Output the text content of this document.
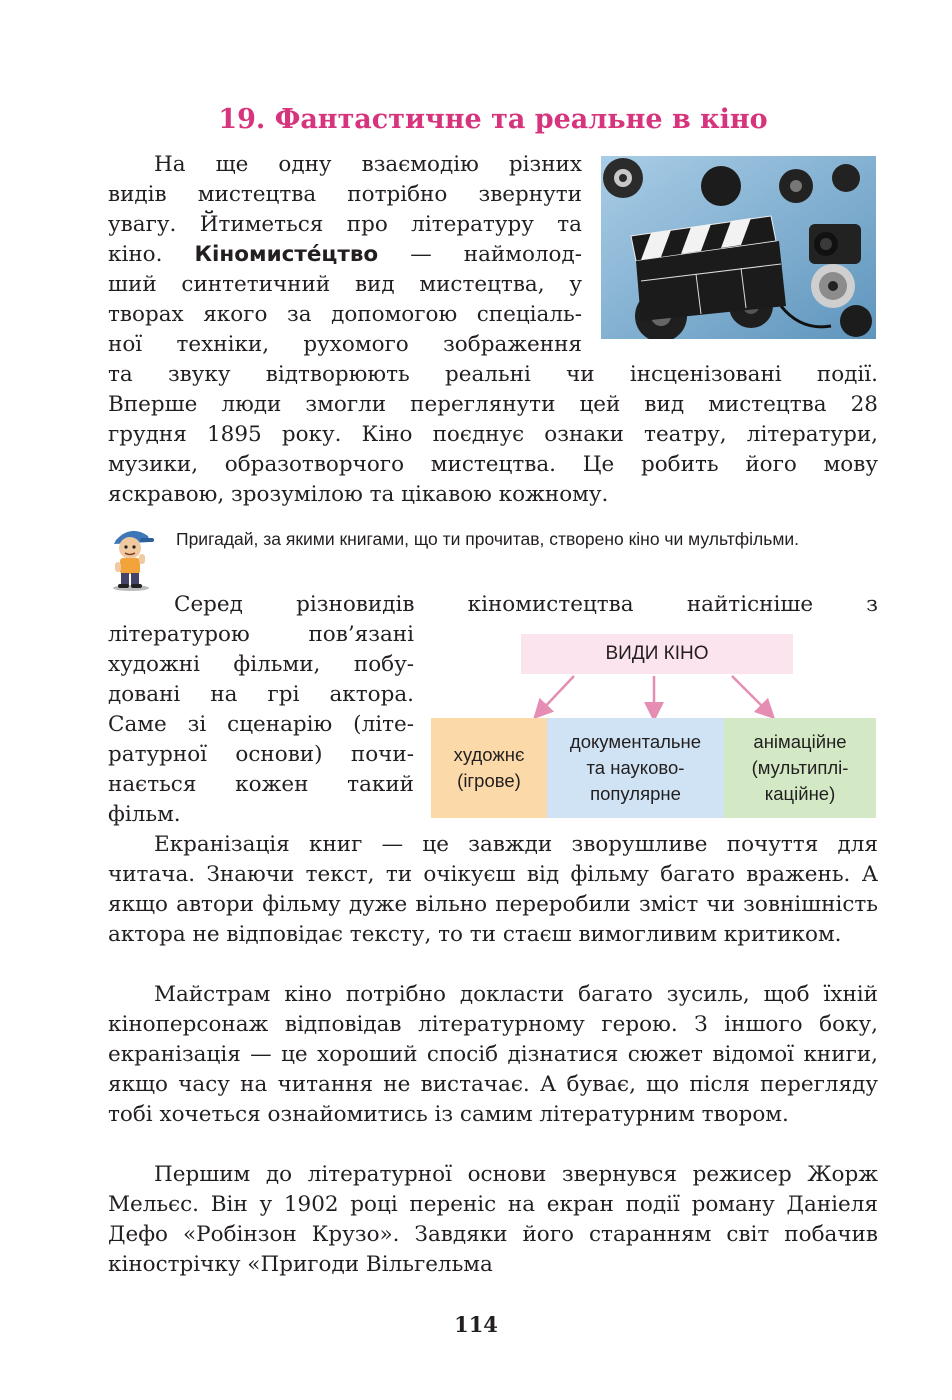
19. Фантастичне та реальне в кіно

На ще одну взаємодію різних
видів мистецтва потрібно звернути
увагу. Йтиметься про літературу та
кіно. Кіномисте́цтво — наймолод-
ший синтетичний вид мистецтва, у
творах якого за допомогою спеціаль-
ної техніки, рухомого зображення

та звуку відтворюють реальні чи інсценізовані події.
Вперше люди змогли переглянути цей вид мистецтва 28
грудня 1895 року. Кіно поєднує ознаки театру, літератури,
музики, образотворчого мистецтва. Це робить його мову
яскравою, зрозумілою та цікавою кожному.

Пригадай, за якими книгами, що ти прочитав, створено кіно чи мультфільми.

Серед різновидів кіномистецтва найтісніше з

літературою пов’язані
художні фільми, побу-
довані на грі актора.
Саме зі сценарію (літе-
ратурної основи) почи-
нається кожен такий
фільм.

ВИДИ КІНО
художнє
(ігрове)
документальне
та науково-
популярне
анімаційне
(мультиплі-
каційне)

Екранізація книг — це завжди зворушливе почуття для читача. Знаючи текст, ти очікуєш від фільму багато вражень. А якщо автори фільму дуже вільно переробили зміст чи зовнішність актора не відповідає тексту, то ти стаєш вимогливим критиком.

Майстрам кіно потрібно докласти багато зусиль, щоб їхній кіноперсонаж відповідав літературному герою. З іншого боку, екранізація — це хороший спосіб дізнатися сюжет відомої книги, якщо часу на читання не вистачає. А буває, що після перегляду тобі хочеться ознайомитись із самим літературним твором.

Першим до літературної основи звернувся режисер Жорж Мельєс. Він у 1902 році переніс на екран події роману Даніеля Дефо «Робінзон Крузо». Завдяки його старанням світ побачив кінострічку «Пригоди Вільгельма

114
